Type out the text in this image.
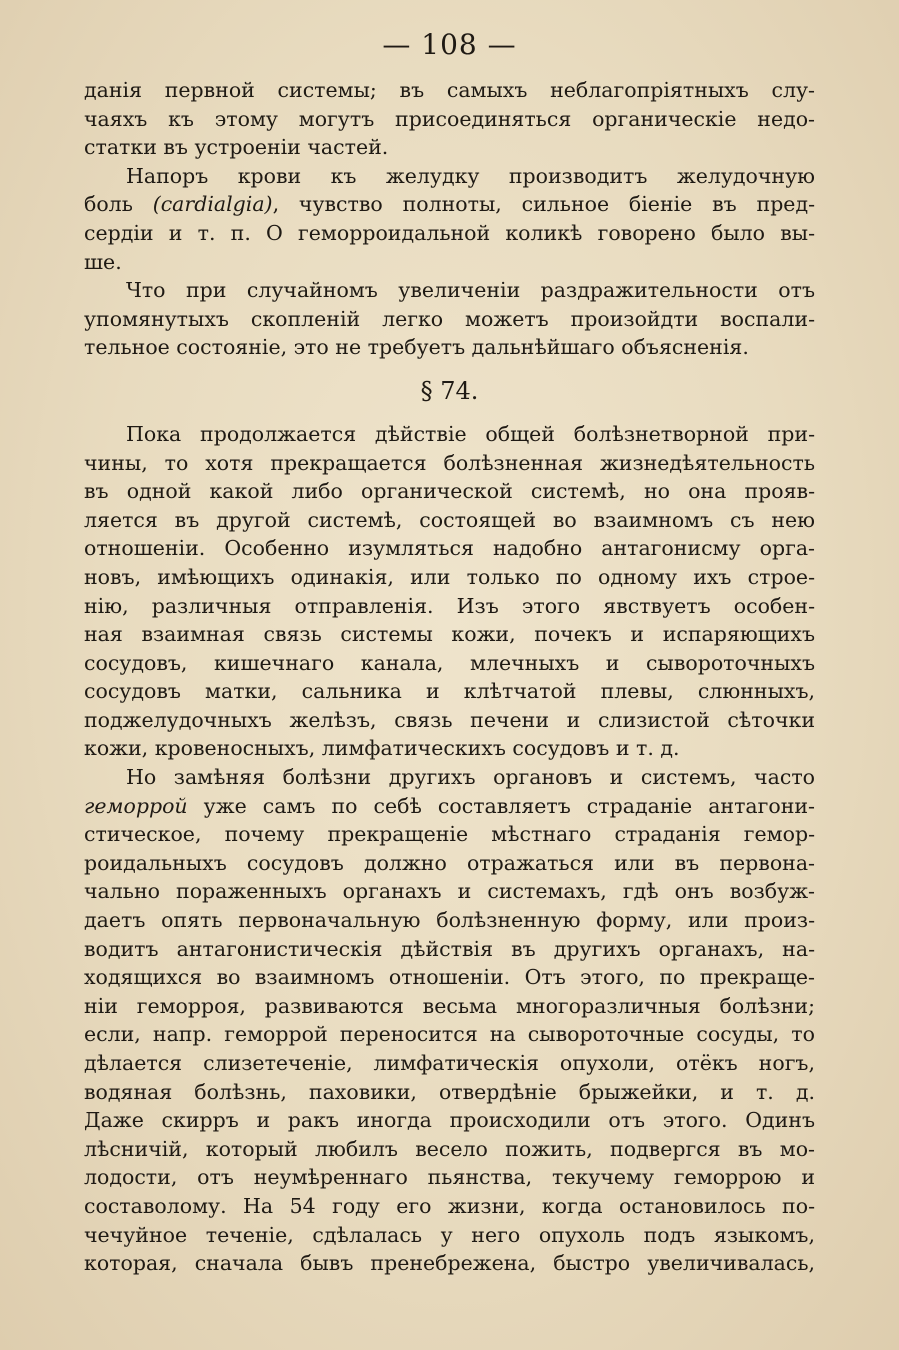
— 108 —
данія первной системы; въ самыхъ неблагопріятныхъ слу-
чаяхъ къ этому могутъ присоединяться органическіе недо-
статки въ устроеніи частей.
Напоръ крови къ желудку производитъ желудочную
боль (cardialgia), чувство полноты, сильное біеніе въ пред-
сердіи и т. п. О геморроидальной коликѣ говорено было вы-
ше.
Что при случайномъ увеличеніи раздражительности отъ
упомянутыхъ скопленій легко можетъ произойдти воспали-
тельное состояніе, это не требуетъ дальнѣйшаго объясненія.
§ 74.
Пока продолжается дѣйствіе общей болѣзнетворной при-
чины, то хотя прекращается болѣзненная жизнедѣятельность
въ одной какой либо органической системѣ, но она прояв-
ляется въ другой системѣ, состоящей во взаимномъ съ нею
отношеніи. Особенно изумляться надобно антагонисму орга-
новъ, имѣющихъ одинакія, или только по одному ихъ строе-
нію, различныя отправленія. Изъ этого явствуетъ особен-
ная взаимная связь системы кожи, почекъ и испаряющихъ
сосудовъ, кишечнаго канала, млечныхъ и сывороточныхъ
сосудовъ матки, сальника и клѣтчатой плевы, слюнныхъ,
поджелудочныхъ желѣзъ, связь печени и слизистой сѣточки
кожи, кровеносныхъ, лимфатическихъ сосудовъ и т. д.
Но замѣняя болѣзни другихъ органовъ и системъ, часто
геморрой уже самъ по себѣ составляетъ страданіе антагони-
стическое, почему прекращеніе мѣстнаго страданія гемор-
роидальныхъ сосудовъ должно отражаться или въ первона-
чально пораженныхъ органахъ и системахъ, гдѣ онъ возбуж-
даетъ опять первоначальную болѣзненную форму, или произ-
водитъ антагонистическія дѣйствія въ другихъ органахъ, на-
ходящихся во взаимномъ отношеніи. Отъ этого, по прекраще-
ніи геморроя, развиваются весьма многоразличныя болѣзни;
если, напр. геморрой переносится на сывороточные сосуды, то
дѣлается слизетеченіе, лимфатическія опухоли, отёкъ ногъ,
водяная болѣзнь, паховики, отвердѣніе брыжейки, и т. д.
Даже скирръ и ракъ иногда происходили отъ этого. Одинъ
лѣсничій, который любилъ весело пожить, подвергся въ мо-
лодости, отъ неумѣреннаго пьянства, текучему геморрою и
составолому. На 54 году его жизни, когда остановилось по-
чечуйное теченіе, сдѣлалась у него опухоль подъ языкомъ,
которая, сначала бывъ пренебрежена, быстро увеличивалась,
